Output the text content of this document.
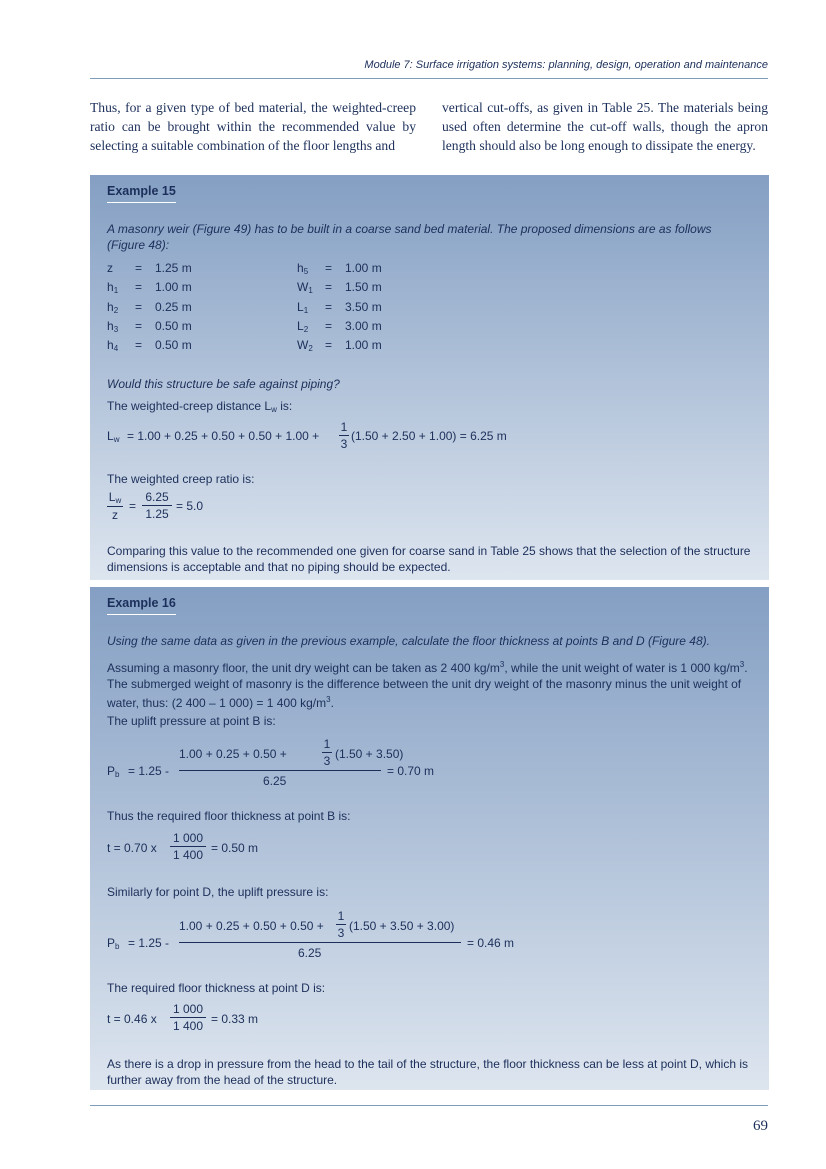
Module 7: Surface irrigation systems: planning, design, operation and maintenance
Thus, for a given type of bed material, the weighted-creep ratio can be brought within the recommended value by selecting a suitable combination of the floor lengths and
vertical cut-offs, as given in Table 25. The materials being used often determine the cut-off walls, though the apron length should also be long enough to dissipate the energy.
Example 15
A masonry weir (Figure 49) has to be built in a coarse sand bed material. The proposed dimensions are as follows (Figure 48):
z = 1.25 m
$h_1 = 1.00$ m
$h_2 = 0.25$ m
$h_3 = 0.50$ m
$h_4 = 0.50$ m
$h_5 = 1.00$ m
$W_1 = 1.50$ m
$L_1 = 3.50$ m
$L_2 = 3.00$ m
$W_2 = 1.00$ m
Would this structure be safe against piping?
The weighted-creep distance $L_w$ is:
$L_w = 1.00 + 0.25 + 0.50 + 0.50 + 1.00 + \frac{1}{3} (1.50 + 2.50 + 1.00) = 6.25$ m
The weighted creep ratio is:
$\frac{L_w}{z} = \frac{6.25}{1.25} = 5.0$
Comparing this value to the recommended one given for coarse sand in Table 25 shows that the selection of the structure dimensions is acceptable and that no piping should be expected.
Example 16
Using the same data as given in the previous example, calculate the floor thickness at points B and D (Figure 48).
Assuming a masonry floor, the unit dry weight can be taken as 2 400 $kg/m^3$, while the unit weight of water is 1 000 $kg/m^3$. The submerged weight of masonry is the difference between the unit dry weight of the masonry minus the unit weight of water, thus: (2 400 – 1 000) = 1 400 $kg/m^3$.
The uplift pressure at point B is:
$P_b = 1.25$ -
1.00 + 0.25 + 0.50 +	$\frac{1}{3} (1.50 + 3.50)$
6.25
= 0.70 m
Thus the required floor thickness at point B is:
t = 0.70 x $\frac{1 000}{1 400} = 0.50$ m
Similarly for point D, the uplift pressure is:
$P_b = 1.25$ -
$1.00 + 0.25 + 0.50 + 0.50 + \frac{1}{3} (1.50 + 3.50 + 3.00)$
6.25
= 0.46 m
The required floor thickness at point D is:
t = 0.46 x $\frac{1 000}{1 400} = 0.33$ m
As there is a drop in pressure from the head to the tail of the structure, the floor thickness can be less at point D, which is further away from the head of the structure.
69
